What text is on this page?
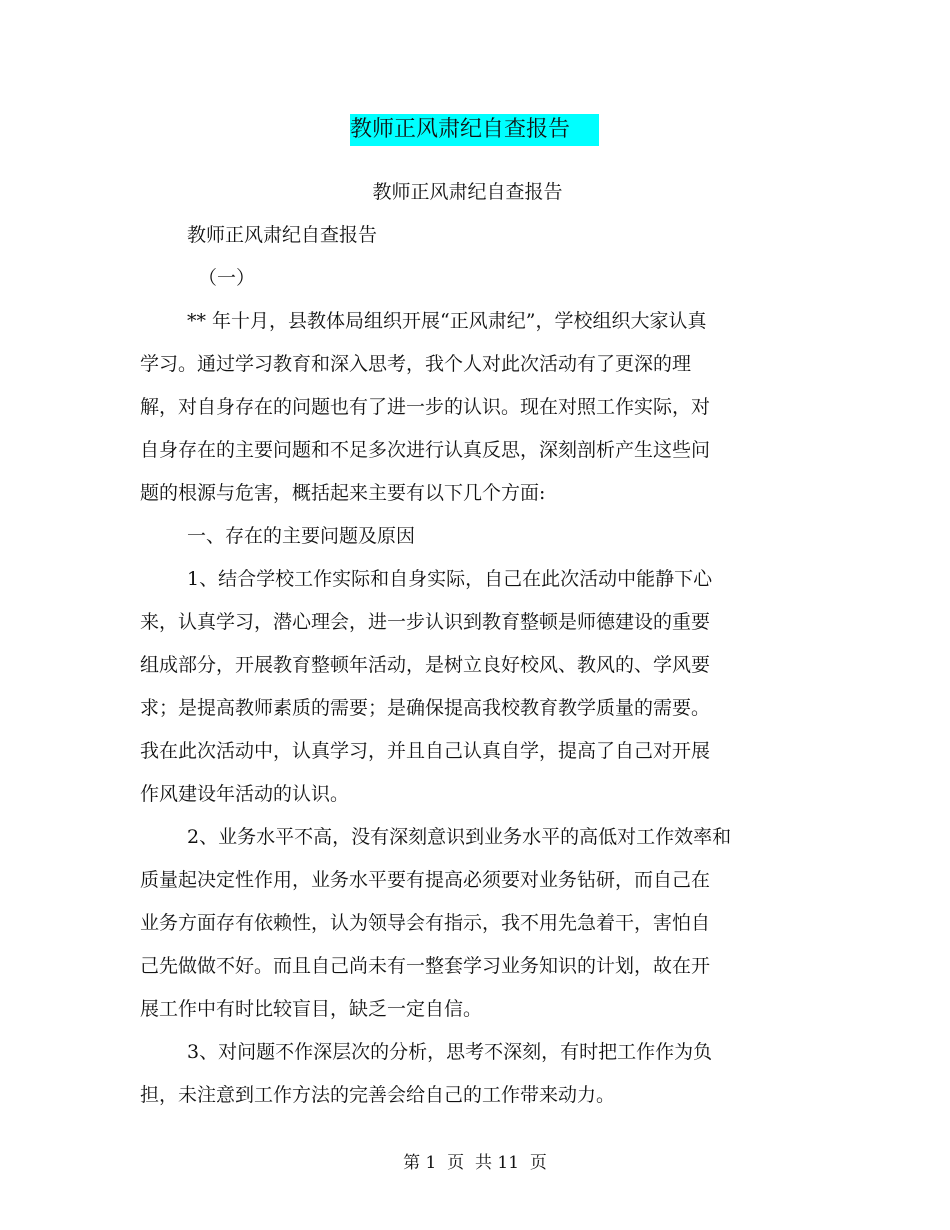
教师正风肃纪自查报告
教师正风肃纪自查报告
教师正风肃纪自查报告
（一）
** 年十月，县教体局组织开展“正风肃纪”，学校组织大家认真
学习。通过学习教育和深入思考，我个人对此次活动有了更深的理
解，对自身存在的问题也有了进一步的认识。现在对照工作实际，对
自身存在的主要问题和不足多次进行认真反思，深刻剖析产生这些问
题的根源与危害，概括起来主要有以下几个方面:
一、存在的主要问题及原因
1、结合学校工作实际和自身实际，自己在此次活动中能静下心
来，认真学习，潜心理会，进一步认识到教育整顿是师德建设的重要
组成部分，开展教育整顿年活动，是树立良好校风、教风的、学风要
求；是提高教师素质的需要；是确保提高我校教育教学质量的需要。
我在此次活动中，认真学习，并且自己认真自学，提高了自己对开展
作风建设年活动的认识。
2、业务水平不高，没有深刻意识到业务水平的高低对工作效率和
质量起决定性作用，业务水平要有提高必须要对业务钻研，而自己在
业务方面存有依赖性，认为领导会有指示，我不用先急着干，害怕自
己先做做不好。而且自己尚未有一整套学习业务知识的计划，故在开
展工作中有时比较盲目，缺乏一定自信。
3、对问题不作深层次的分析，思考不深刻，有时把工作作为负
担，未注意到工作方法的完善会给自己的工作带来动力。
第 1  页  共 11  页
